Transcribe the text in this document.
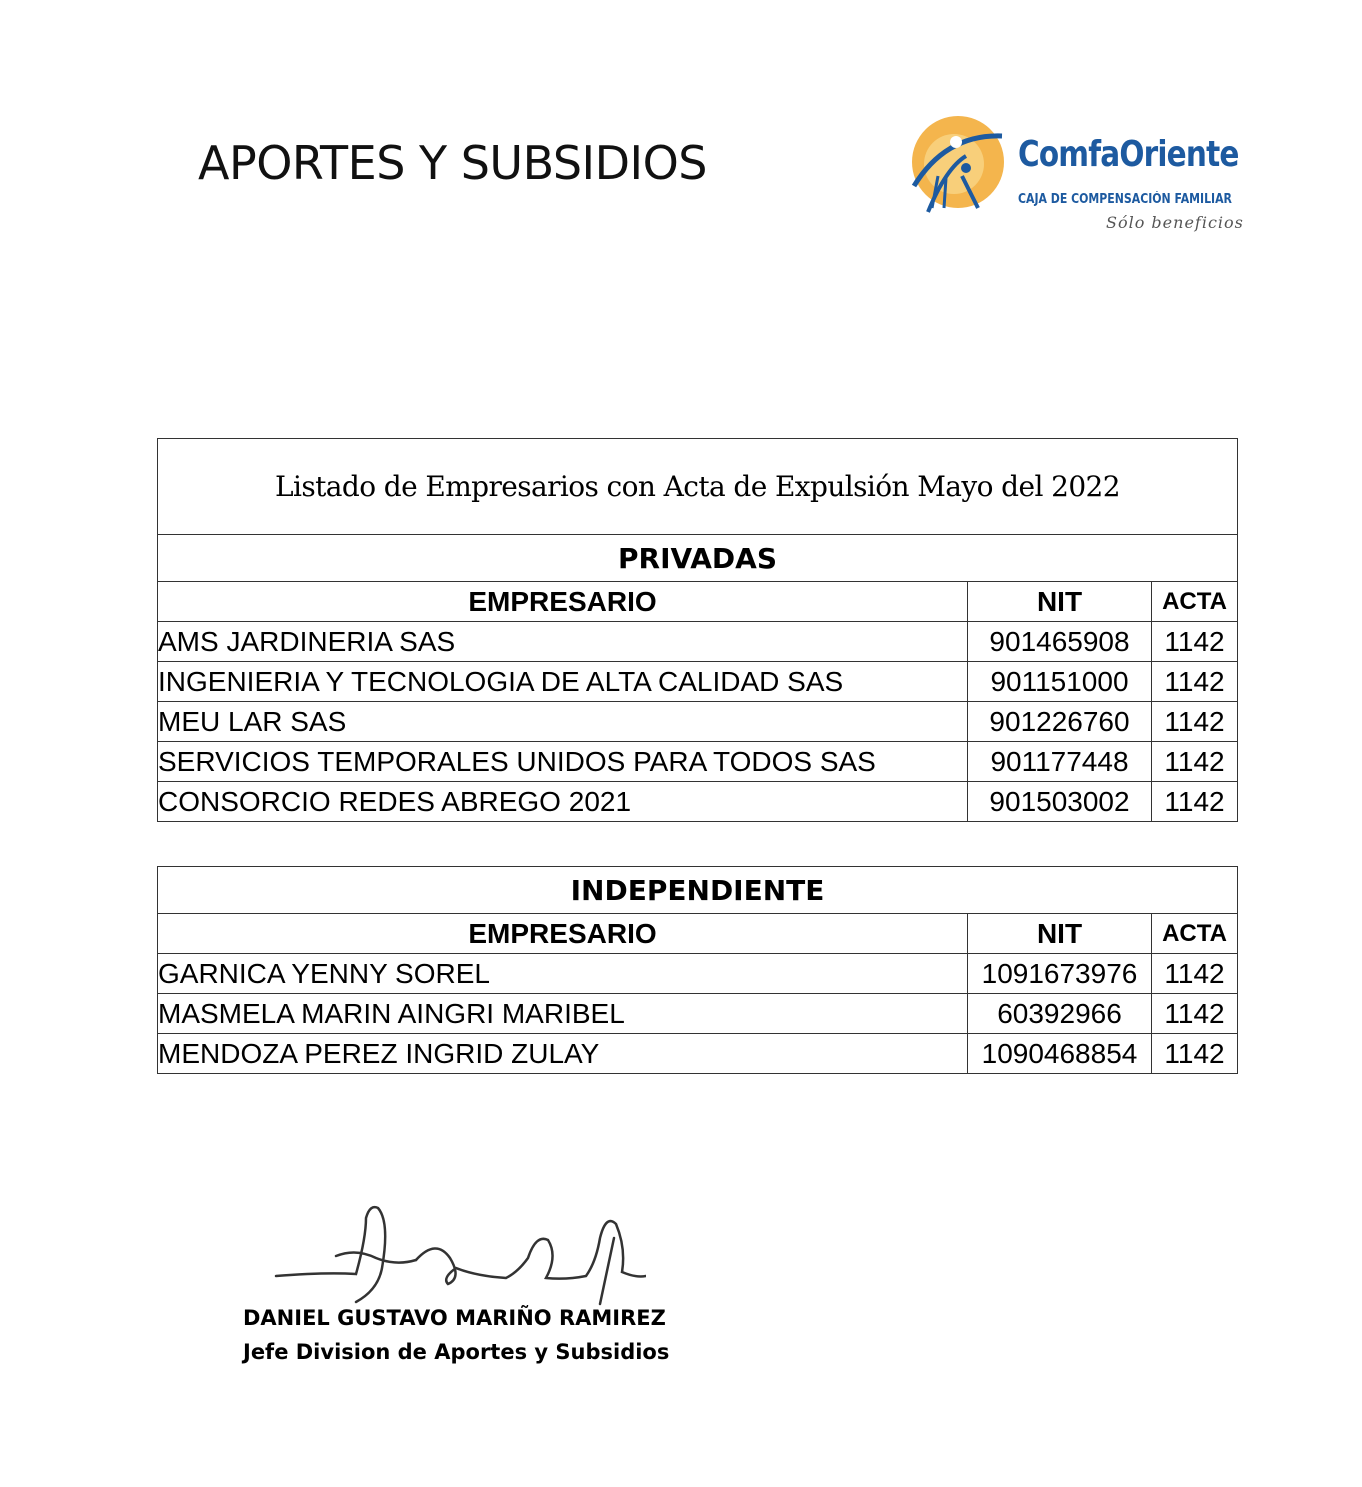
APORTES Y SUBSIDIOS	ComfaOriente
CAJA DE COMPENSACIÓN FAMILIAR
Sólo beneficios
Listado de Empresarios con Acta de Expulsión Mayo del 2022		
PRIVADAS		
EMPRESARIO	NIT	ACTA
AMS JARDINERIA SAS	901465908	1142
INGENIERIA Y TECNOLOGIA DE ALTA CALIDAD SAS	901151000	1142
MEU LAR SAS	901226760	1142
SERVICIOS TEMPORALES UNIDOS PARA TODOS SAS	901177448	1142
CONSORCIO REDES ABREGO 2021	901503002	1142
INDEPENDIENTE		
EMPRESARIO	NIT	ACTA
GARNICA YENNY SOREL	1091673976	1142
MASMELA MARIN AINGRI MARIBEL	60392966	1142
MENDOZA PEREZ INGRID ZULAY	1090468854	1142
DANIEL GUSTAVO MARIÑO RAMIREZ
Jefe Division de Aportes y Subsidios
